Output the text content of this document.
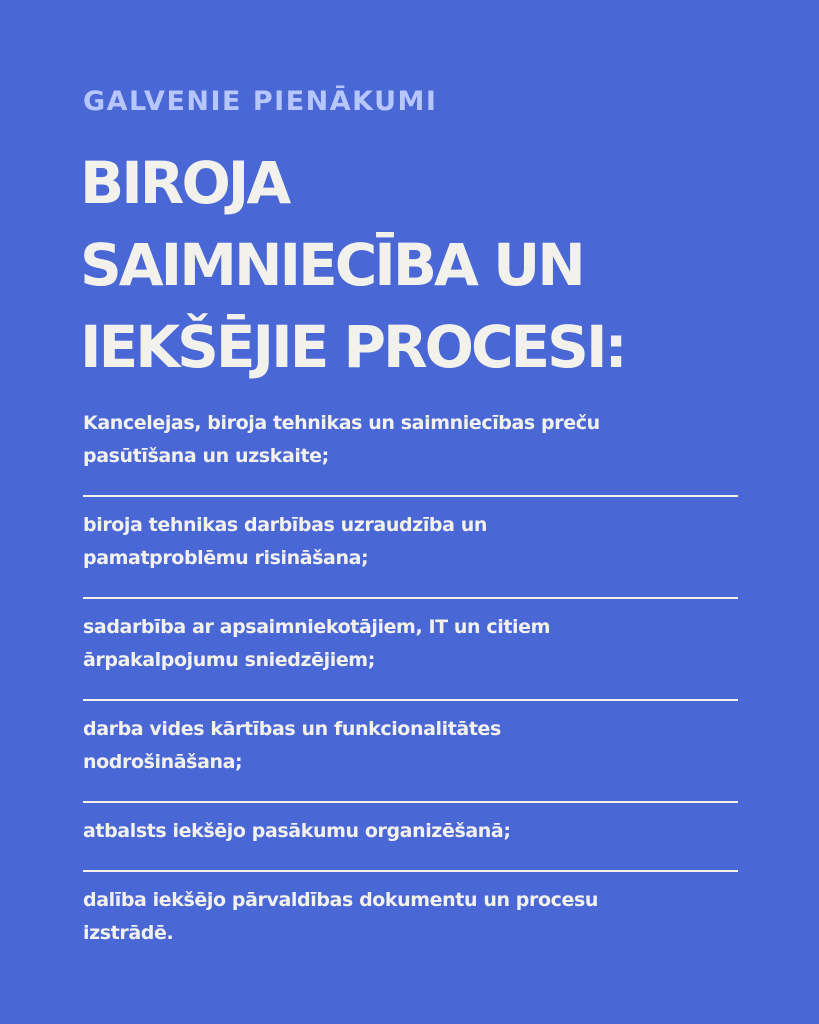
GALVENIE PIENĀKUMI

BIROJA
SAIMNIECĪBA UN
IEKŠĒJIE PROCESI:
Kancelejas, biroja tehnikas un saimniecības preču
pasūtīšana un uzskaite;
biroja tehnikas darbības uzraudzība un
pamatproblēmu risināšana;
sadarbība ar apsaimniekotājiem, IT un citiem
ārpakalpojumu sniedzējiem;
darba vides kārtības un funkcionalitātes
nodrošināšana;
atbalsts iekšējo pasākumu organizēšanā;
dalība iekšējo pārvaldības dokumentu un procesu
izstrādē.
